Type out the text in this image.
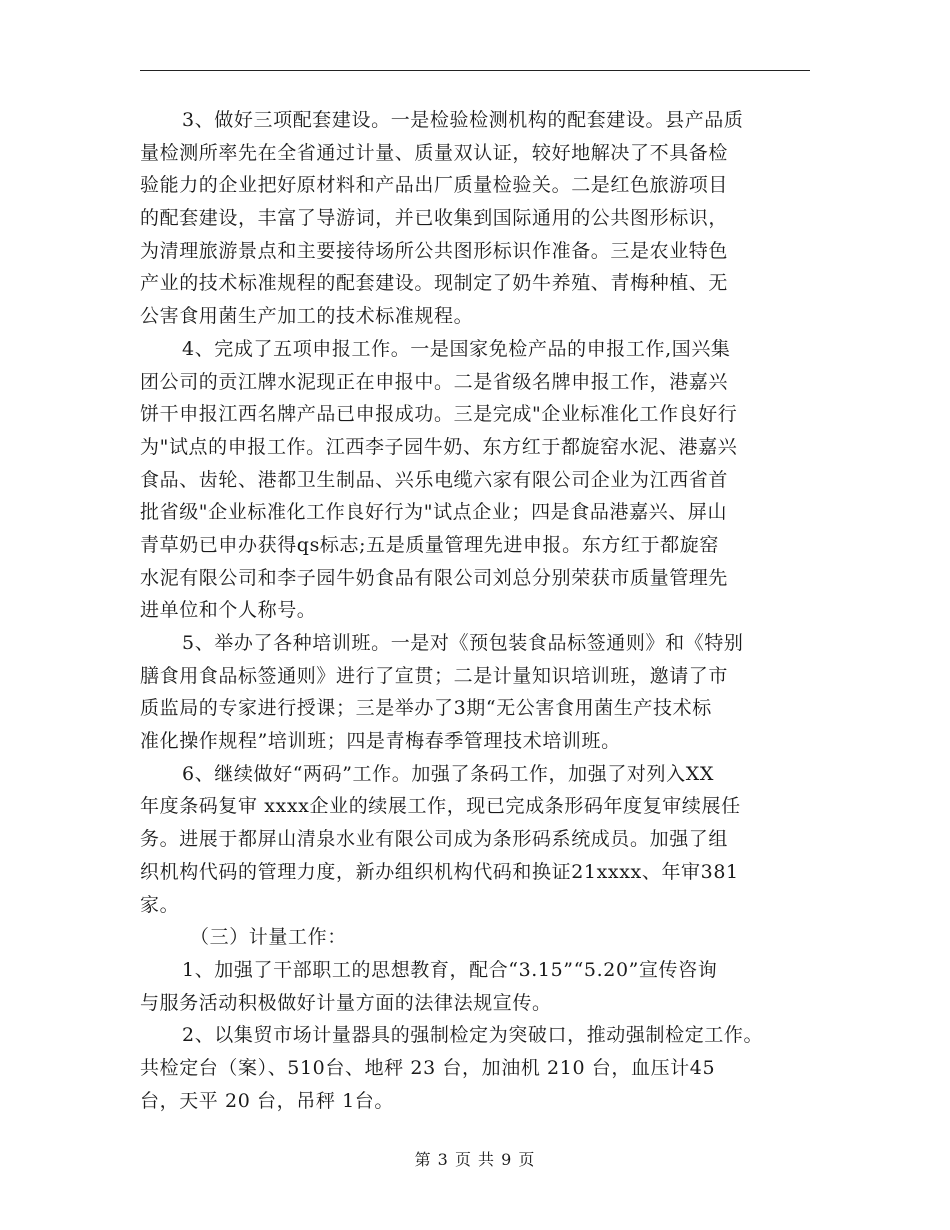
3、做好三项配套建设。一是检验检测机构的配套建设。县产品质
量检测所率先在全省通过计量、质量双认证，较好地解决了不具备检
验能力的企业把好原材料和产品出厂质量检验关。二是红色旅游项目
的配套建设，丰富了导游词，并已收集到国际通用的公共图形标识，
为清理旅游景点和主要接待场所公共图形标识作准备。三是农业特色
产业的技术标准规程的配套建设。现制定了奶牛养殖、青梅种植、无
公害食用菌生产加工的技术标准规程。
4、完成了五项申报工作。一是国家免检产品的申报工作,国兴集
团公司的贡江牌水泥现正在申报中。二是省级名牌申报工作，港嘉兴
饼干申报江西名牌产品已申报成功。三是完成"企业标准化工作良好行
为"试点的申报工作。江西李子园牛奶、东方红于都旋窑水泥、港嘉兴
食品、齿轮、港都卫生制品、兴乐电缆六家有限公司企业为江西省首
批省级"企业标准化工作良好行为"试点企业；四是食品港嘉兴、屏山
青草奶已申办获得qs标志;五是质量管理先进申报。东方红于都旋窑
水泥有限公司和李子园牛奶食品有限公司刘总分别荣获市质量管理先
进单位和个人称号。
5、举办了各种培训班。一是对《预包装食品标签通则》和《特别
膳食用食品标签通则》进行了宣贯；二是计量知识培训班，邀请了市
质监局的专家进行授课；三是举办了3期“无公害食用菌生产技术标
准化操作规程”培训班；四是青梅春季管理技术培训班。
6、继续做好“两码”工作。加强了条码工作，加强了对列入XX
年度条码复审 xxxx企业的续展工作，现已完成条形码年度复审续展任
务。进展于都屏山清泉水业有限公司成为条形码系统成员。加强了组
织机构代码的管理力度，新办组织机构代码和换证21xxxx、年审381
家。
（三）计量工作：
1、加强了干部职工的思想教育，配合“3.15”“5.20”宣传咨询
与服务活动积极做好计量方面的法律法规宣传。
2、以集贸市场计量器具的强制检定为突破口，推动强制检定工作。
共检定台（案）、510台、地秤 23 台，加油机 210 台，血压计45
台，天平 20 台，吊秤 1台。
第 3 页 共 9 页
